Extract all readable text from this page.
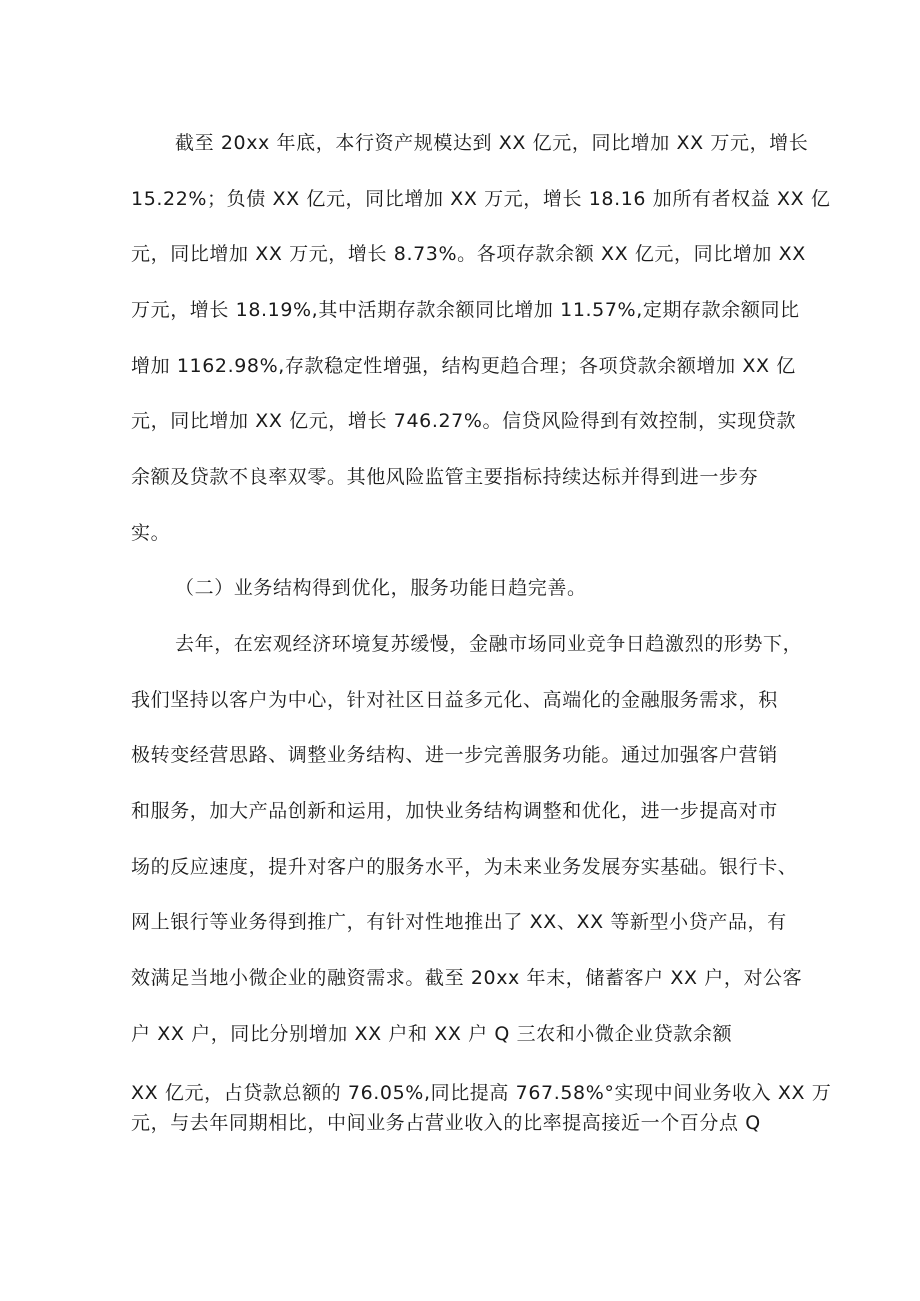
截至 20xx 年底，本行资产规模达到 XX 亿元，同比增加 XX 万元，增长
15.22%；负债 XX 亿元，同比增加 XX 万元，增长 18.16 加所有者权益 XX 亿
元，同比增加 XX 万元，增长 8.73%。各项存款余额 XX 亿元，同比增加 XX
万元，增长 18.19%,其中活期存款余额同比增加 11.57%,定期存款余额同比
增加 1162.98%,存款稳定性增强，结构更趋合理；各项贷款余额增加 XX 亿
元，同比增加 XX 亿元，增长 746.27%。信贷风险得到有效控制，实现贷款
余额及贷款不良率双零。其他风险监管主要指标持续达标并得到进一步夯
实。
（二）业务结构得到优化，服务功能日趋完善。
去年，在宏观经济环境复苏缓慢，金融市场同业竞争日趋激烈的形势下，
我们坚持以客户为中心，针对社区日益多元化、高端化的金融服务需求，积
极转变经营思路、调整业务结构、进一步完善服务功能。通过加强客户营销
和服务，加大产品创新和运用，加快业务结构调整和优化，进一步提高对市
场的反应速度，提升对客户的服务水平，为未来业务发展夯实基础。银行卡、
网上银行等业务得到推广，有针对性地推出了 XX、XX 等新型小贷产品，有
效满足当地小微企业的融资需求。截至 20xx 年末，储蓄客户 XX 户，对公客
户 XX 户，同比分别增加 XX 户和 XX 户 Q 三农和小微企业贷款余额
XX 亿元，占贷款总额的 76.05%,同比提高 767.58%°实现中间业务收入 XX 万
元，与去年同期相比，中间业务占营业收入的比率提高接近一个百分点 Q
